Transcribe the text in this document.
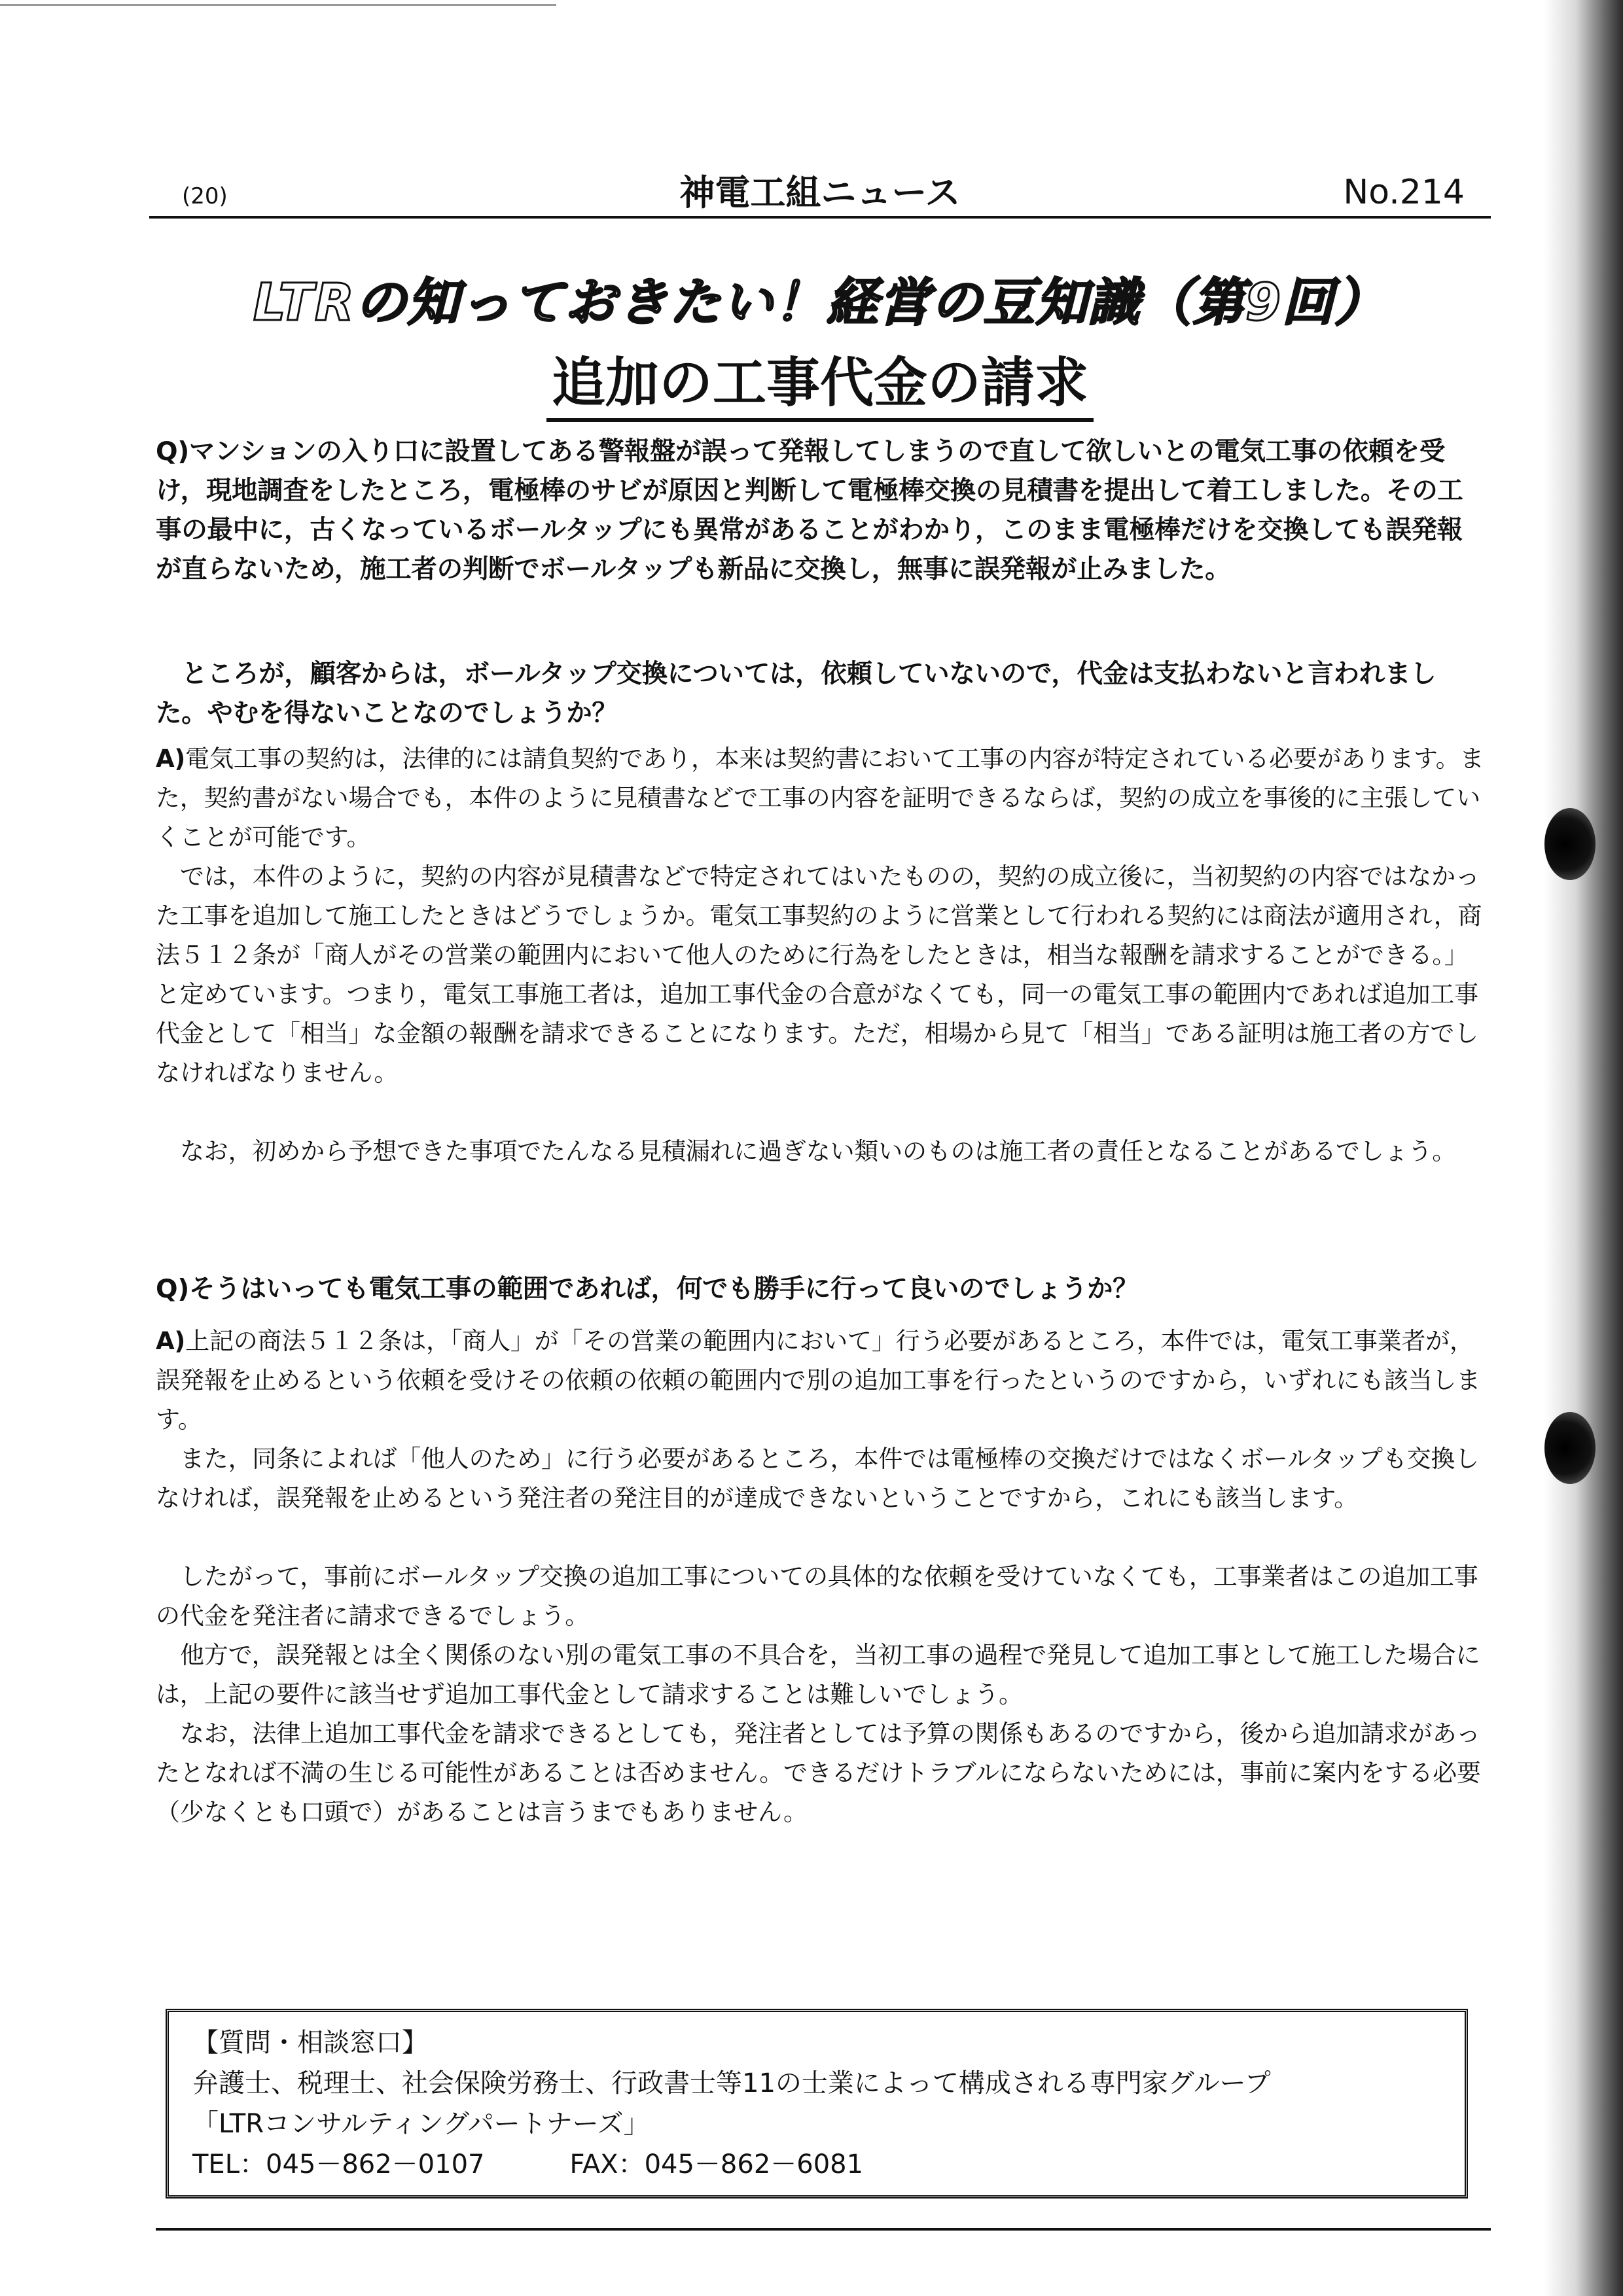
(20)	神電工組ニュース	No.214
LTRの知っておきたい！経営の豆知識（第9回）
追加の工事代金の請求

Q)マンションの入り口に設置してある警報盤が誤って発報してしまうので直して欲しいとの電気工事の依頼を受け，現地調査をしたところ，電極棒のサビが原因と判断して電極棒交換の見積書を提出して着工しました。その工事の最中に，古くなっているボールタップにも異常があることがわかり，このまま電極棒だけを交換しても誤発報が直らないため，施工者の判断でボールタップも新品に交換し，無事に誤発報が止みました。

ところが，顧客からは，ボールタップ交換については，依頼していないので，代金は支払わないと言われました。やむを得ないことなのでしょうか？

A)電気工事の契約は，法律的には請負契約であり，本来は契約書において工事の内容が特定されている必要があります。また，契約書がない場合でも，本件のように見積書などで工事の内容を証明できるならば，契約の成立を事後的に主張していくことが可能です。

では，本件のように，契約の内容が見積書などで特定されてはいたものの，契約の成立後に，当初契約の内容ではなかった工事を追加して施工したときはどうでしょうか。電気工事契約のように営業として行われる契約には商法が適用され，商法５１２条が「商人がその営業の範囲内において他人のために行為をしたときは，相当な報酬を請求することができる。」と定めています。つまり，電気工事施工者は，追加工事代金の合意がなくても，同一の電気工事の範囲内であれば追加工事代金として「相当」な金額の報酬を請求できることになります。ただ，相場から見て「相当」である証明は施工者の方でしなければなりません。

なお，初めから予想できた事項でたんなる見積漏れに過ぎない類いのものは施工者の責任となることがあるでしょう。

Q)そうはいっても電気工事の範囲であれば，何でも勝手に行って良いのでしょうか？

A)上記の商法５１２条は，「商人」が「その営業の範囲内において」行う必要があるところ，本件では，電気工事業者が，誤発報を止めるという依頼を受けその依頼の依頼の範囲内で別の追加工事を行ったというのですから，いずれにも該当します。

また，同条によれば「他人のため」に行う必要があるところ，本件では電極棒の交換だけではなくボールタップも交換しなければ，誤発報を止めるという発注者の発注目的が達成できないということですから，これにも該当します。

したがって，事前にボールタップ交換の追加工事についての具体的な依頼を受けていなくても，工事業者はこの追加工事の代金を発注者に請求できるでしょう。

他方で，誤発報とは全く関係のない別の電気工事の不具合を，当初工事の過程で発見して追加工事として施工した場合には，上記の要件に該当せず追加工事代金として請求することは難しいでしょう。

なお，法律上追加工事代金を請求できるとしても，発注者としては予算の関係もあるのですから，後から追加請求があったとなれば不満の生じる可能性があることは否めません。できるだけトラブルにならないためには，事前に案内をする必要（少なくとも口頭で）があることは言うまでもありません。

【質問・相談窓口】
弁護士、税理士、社会保険労務士、行政書士等11の士業によって構成される専門家グループ
「LTRコンサルティングパートナーズ」
TEL：045－862－0107	FAX：045－862－6081
